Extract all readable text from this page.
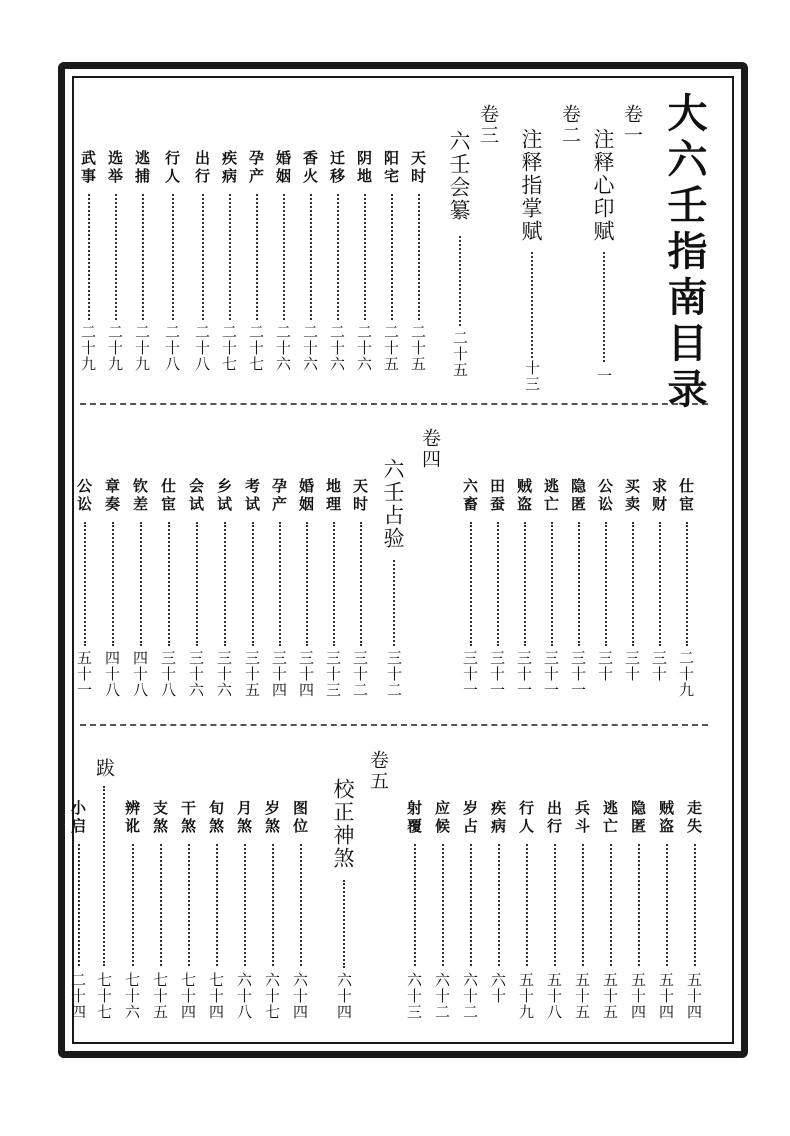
大六壬指南目录
卷一
注释心印赋
一
卷二
注释指掌赋
十三
卷三
六壬会纂
二十五
天时
二十五
阳宅
二十五
阴地
二十六
迁移
二十六
香火
二十六
婚姻
二十六
孕产
二十七
疾病
二十七
出行
二十八
行人
二十八
逃捕
二十九
选举
二十九
武事
二十九
仕宦
二十九
求财
三十
买卖
三十
公讼
三十
隐匿
三十一
逃亡
三十一
贼盗
三十一
田蚕
三十一
六畜
三十一
卷四
六壬占验
三十二
天时
三十二
地理
三十三
婚姻
三十四
孕产
三十四
考试
三十五
乡试
三十六
会试
三十六
仕宦
三十八
钦差
四十八
章奏
四十八
公讼
五十一
走失
五十四
贼盗
五十四
隐匿
五十四
逃亡
五十五
兵斗
五十五
出行
五十八
行人
五十九
疾病
六十
岁占
六十二
应候
六十二
射覆
六十三
卷五
校正神煞
六十四
图位
六十四
岁煞
六十七
月煞
六十八
旬煞
七十四
干煞
七十四
支煞
七十五
辨讹
七十六
跋
七十七
小启
二十四
